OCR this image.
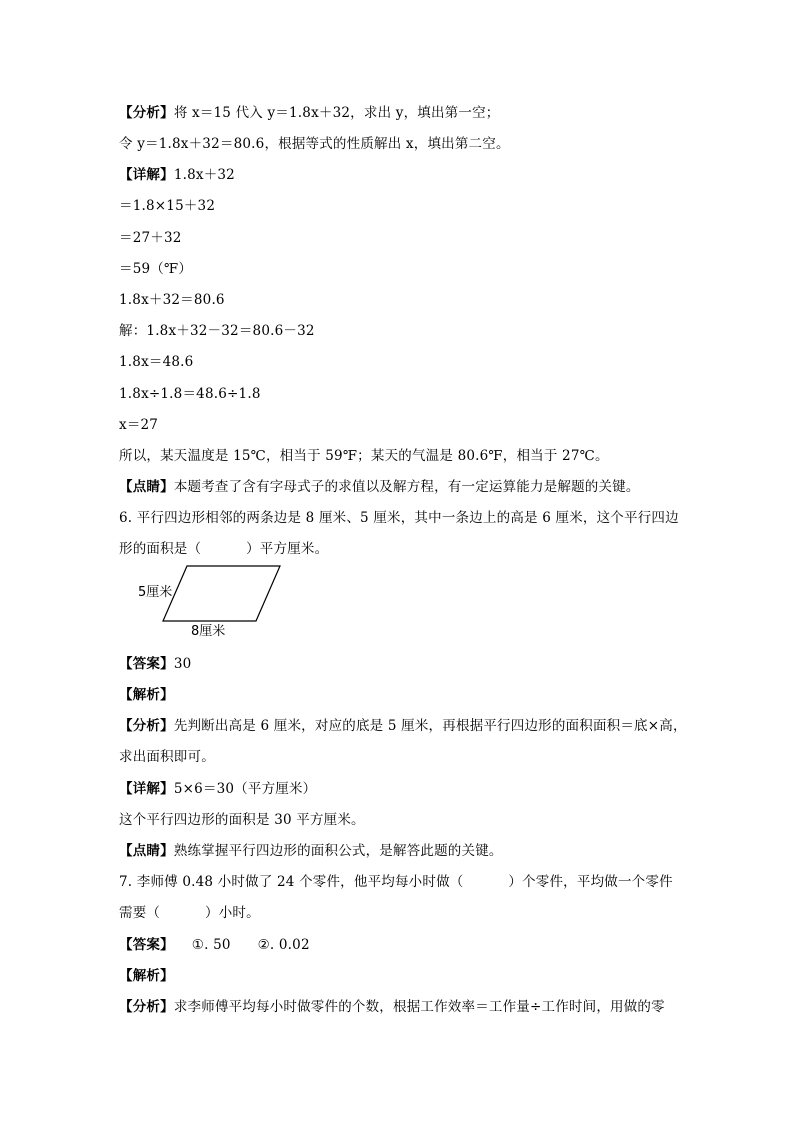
【分析】将 x＝15 代入 y＝1.8x＋32，求出 y，填出第一空；
令 y＝1.8x＋32＝80.6，根据等式的性质解出 x，填出第二空。
【详解】1.8x＋32
＝1.8×15＋32
＝27＋32
＝59（℉）
1.8x＋32＝80.6
解：1.8x＋32－32＝80.6－32
1.8x＝48.6
1.8x÷1.8＝48.6÷1.8
x＝27
所以，某天温度是 15℃，相当于 59℉；某天的气温是 80.6℉，相当于 27℃。
【点睛】本题考查了含有字母式子的求值以及解方程，有一定运算能力是解题的关键。
6. 平行四边形相邻的两条边是 8 厘米、5 厘米，其中一条边上的高是 6 厘米，这个平行四边
形的面积是（          ）平方厘米。
5厘米
8厘米
【答案】30
【解析】
【分析】先判断出高是 6 厘米，对应的底是 5 厘米，再根据平行四边形的面积面积＝底×高，
求出面积即可。
【详解】5×6＝30（平方厘米）
这个平行四边形的面积是 30 平方厘米。
【点睛】熟练掌握平行四边形的面积公式，是解答此题的关键。
7. 李师傅 0.48 小时做了 24 个零件，他平均每小时做（          ）个零件，平均做一个零件
需要（          ）小时。
【答案】    ①. 50      ②. 0.02
【解析】
【分析】求李师傅平均每小时做零件的个数，根据工作效率＝工作量÷工作时间，用做的零
